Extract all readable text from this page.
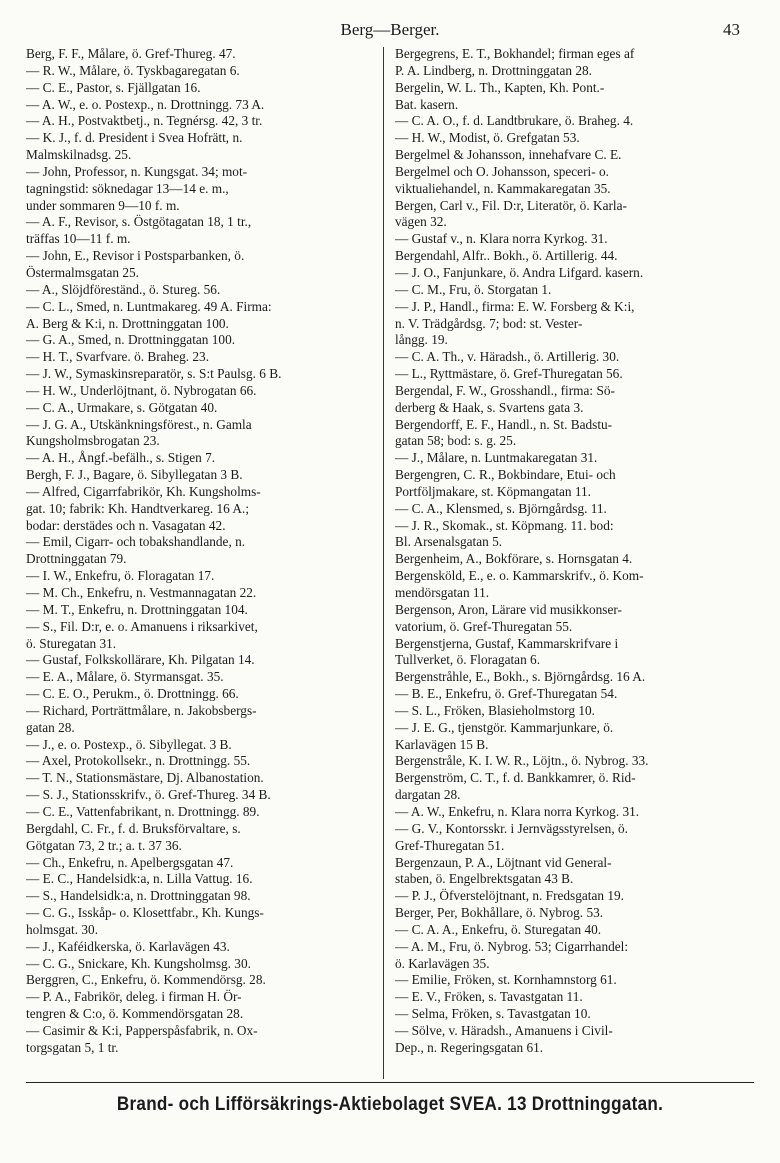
Berg—Berger.	43
Berg, F. F., Målare, ö. Gref-Thureg. 47.
— R. W., Målare, ö. Tyskbagaregatan 6.
— C. E., Pastor, s. Fjällgatan 16.
— A. W., e. o. Postexp., n. Drottningg. 73 A.
— A. H., Postvaktbetj., n. Tegnérsg. 42, 3 tr.
— K. J., f. d. President i Svea Hofrätt, n.
Malmskilnadsg. 25.
— John, Professor, n. Kungsgat. 34; mot-
tagningstid: söknedagar 13—14 e. m.,
under sommaren 9—10 f. m.
— A. F., Revisor, s. Östgötagatan 18, 1 tr.,
träffas 10—11 f. m.
— John, E., Revisor i Postsparbanken, ö.
Östermalmsgatan 25.
— A., Slöjdföreständ., ö. Stureg. 56.
— C. L., Smed, n. Luntmakareg. 49 A. Firma:
A. Berg & K:i, n. Drottninggatan 100.
— G. A., Smed, n. Drottninggatan 100.
— H. T., Svarfvare. ö. Braheg. 23.
— J. W., Symaskinsreparatör, s. S:t Paulsg. 6 B.
— H. W., Underlöjtnant, ö. Nybrogatan 66.
— C. A., Urmakare, s. Götgatan 40.
— J. G. A., Utskänkningsförest., n. Gamla
Kungsholmsbrogatan 23.
— A. H., Ångf.-befälh., s. Stigen 7.
Bergh, F. J., Bagare, ö. Sibyllegatan 3 B.
— Alfred, Cigarrfabrikör, Kh. Kungsholms-
gat. 10; fabrik: Kh. Handtverkareg. 16 A.;
bodar: derstädes och n. Vasagatan 42.
— Emil, Cigarr- och tobakshandlande, n.
Drottninggatan 79.
— I. W., Enkefru, ö. Floragatan 17.
— M. Ch., Enkefru, n. Vestmannagatan 22.
— M. T., Enkefru, n. Drottninggatan 104.
— S., Fil. D:r, e. o. Amanuens i riksarkivet,
ö. Sturegatan 31.
— Gustaf, Folkskollärare, Kh. Pilgatan 14.
— E. A., Målare, ö. Styrmansgat. 35.
— C. E. O., Perukm., ö. Drottningg. 66.
— Richard, Porträttmålare, n. Jakobsbergs-
gatan 28.
— J., e. o. Postexp., ö. Sibyllegat. 3 B.
— Axel, Protokollsekr., n. Drottningg. 55.
— T. N., Stationsmästare, Dj. Albanostation.
— S. J., Stationsskrifv., ö. Gref-Thureg. 34 B.
— C. E., Vattenfabrikant, n. Drottningg. 89.
Bergdahl, C. Fr., f. d. Bruksförvaltare, s.
Götgatan 73, 2 tr.; a. t. 37 36.
— Ch., Enkefru, n. Apelbergsgatan 47.
— E. C., Handelsidk:a, n. Lilla Vattug. 16.
— S., Handelsidk:a, n. Drottninggatan 98.
— C. G., Isskåp- o. Klosettfabr., Kh. Kungs-
holmsgat. 30.
— J., Kaféidkerska, ö. Karlavägen 43.
— C. G., Snickare, Kh. Kungsholmsg. 30.
Berggren, C., Enkefru, ö. Kommendörsg. 28.
— P. A., Fabrikör, deleg. i firman H. Ör-
tengren & C:o, ö. Kommendörsgatan 28.
— Casimir & K:i, Papperspåsfabrik, n. Ox-
torgsgatan 5, 1 tr.
Bergegrens, E. T., Bokhandel; firman eges af
P. A. Lindberg, n. Drottninggatan 28.
Bergelin, W. L. Th., Kapten, Kh. Pont.-
Bat. kasern.
— C. A. O., f. d. Landtbrukare, ö. Braheg. 4.
— H. W., Modist, ö. Grefgatan 53.
Bergelmel & Johansson, innehafvare C. E.
Bergelmel och O. Johansson, speceri- o.
viktualiehandel, n. Kammakaregatan 35.
Bergen, Carl v., Fil. D:r, Literatör, ö. Karla-
vägen 32.
— Gustaf v., n. Klara norra Kyrkog. 31.
Bergendahl, Alfr.. Bokh., ö. Artillerig. 44.
— J. O., Fanjunkare, ö. Andra Lifgard. kasern.
— C. M., Fru, ö. Storgatan 1.
— J. P., Handl., firma: E. W. Forsberg & K:i,
n. V. Trädgårdsg. 7; bod: st. Vester-
långg. 19.
— C. A. Th., v. Häradsh., ö. Artillerig. 30.
— L., Ryttmästare, ö. Gref-Thuregatan 56.
Bergendal, F. W., Grosshandl., firma: Sö-
derberg & Haak, s. Svartens gata 3.
Bergendorff, E. F., Handl., n. St. Badstu-
gatan 58; bod: s. g. 25.
— J., Målare, n. Luntmakaregatan 31.
Bergengren, C. R., Bokbindare, Etui- och
Portföljmakare, st. Köpmangatan 11.
— C. A., Klensmed, s. Björngårdsg. 11.
— J. R., Skomak., st. Köpmang. 11. bod:
Bl. Arsenalsgatan 5.
Bergenheim, A., Bokförare, s. Hornsgatan 4.
Bergensköld, E., e. o. Kammarskrifv., ö. Kom-
mendörsgatan 11.
Bergenson, Aron, Lärare vid musikkonser-
vatorium, ö. Gref-Thuregatan 55.
Bergenstjerna, Gustaf, Kammarskrifvare i
Tullverket, ö. Floragatan 6.
Bergenstråhle, E., Bokh., s. Björngårdsg. 16 A.
— B. E., Enkefru, ö. Gref-Thuregatan 54.
— S. L., Fröken, Blasieholmstorg 10.
— J. E. G., tjenstgör. Kammarjunkare, ö.
Karlavägen 15 B.
Bergenstråle, K. I. W. R., Löjtn., ö. Nybrog. 33.
Bergenström, C. T., f. d. Bankkamrer, ö. Rid-
dargatan 28.
— A. W., Enkefru, n. Klara norra Kyrkog. 31.
— G. V., Kontorsskr. i Jernvägsstyrelsen, ö.
Gref-Thuregatan 51.
Bergenzaun, P. A., Löjtnant vid General-
staben, ö. Engelbrektsgatan 43 B.
— P. J., Öfverstelöjtnant, n. Fredsgatan 19.
Berger, Per, Bokhållare, ö. Nybrog. 53.
— C. A. A., Enkefru, ö. Sturegatan 40.
— A. M., Fru, ö. Nybrog. 53; Cigarrhandel:
ö. Karlavägen 35.
— Emilie, Fröken, st. Kornhamnstorg 61.
— E. V., Fröken, s. Tavastgatan 11.
— Selma, Fröken, s. Tavastgatan 10.
— Sölve, v. Häradsh., Amanuens i Civil-
Dep., n. Regeringsgatan 61.
Brand- och Lifförsäkrings-Aktiebolaget SVEA. 13 Drottninggatan.
